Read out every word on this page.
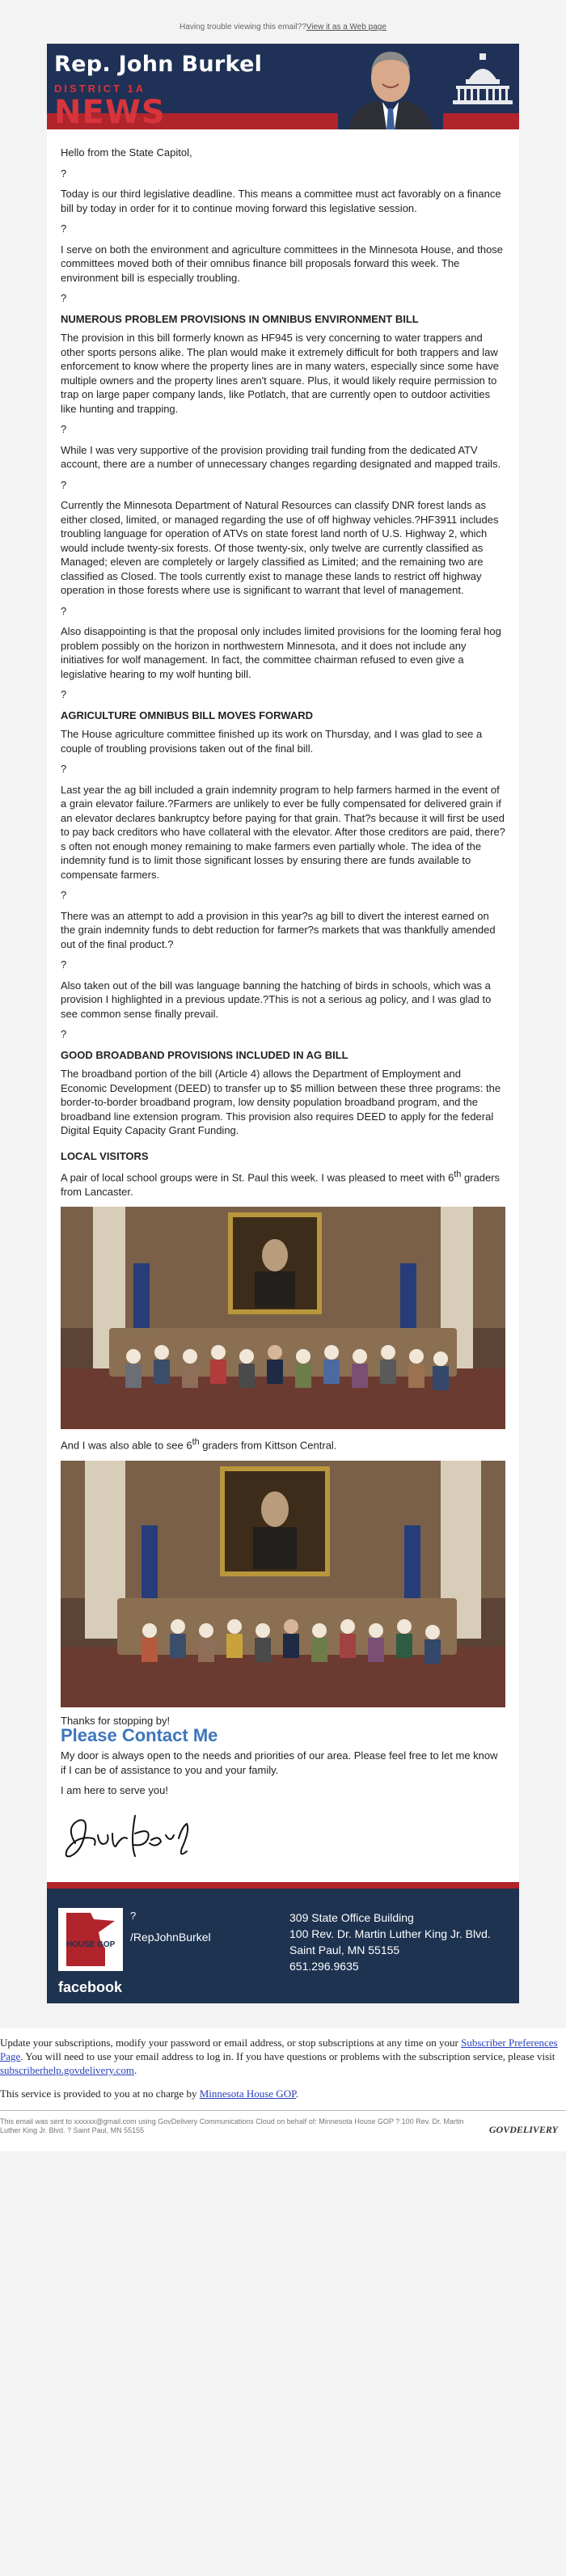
Having trouble viewing this email??View it as a Web page
Rep. John Burkel
DISTRICT 1A
NEWS

Hello from the State Capitol,

?

Today is our third legislative deadline. This means a committee must act favorably on a finance bill by today in order for it to continue moving forward this legislative session.

?

I serve on both the environment and agriculture committees in the Minnesota House, and those committees moved both of their omnibus finance bill proposals forward this week. The environment bill is especially troubling.

?

NUMEROUS PROBLEM PROVISIONS IN OMNIBUS ENVIRONMENT BILL

The provision in this bill formerly known as HF945 is very concerning to water trappers and other sports persons alike. The plan would make it extremely difficult for both trappers and law enforcement to know where the property lines are in many waters, especially since some have multiple owners and the property lines aren't square. Plus, it would likely require permission to trap on large paper company lands, like Potlatch, that are currently open to outdoor activities like hunting and trapping.

?

While I was very supportive of the provision providing trail funding from the dedicated ATV account, there are a number of unnecessary changes regarding designated and mapped trails.

?

Currently the Minnesota Department of Natural Resources can classify DNR forest lands as either closed, limited, or managed regarding the use of off highway vehicles.?HF3911 includes troubling language for operation of ATVs on state forest land north of U.S. Highway 2, which would include twenty-six forests. Of those twenty-six, only twelve are currently classified as Managed; eleven are completely or largely classified as Limited; and the remaining two are classified as Closed. The tools currently exist to manage these lands to restrict off highway operation in those forests where use is significant to warrant that level of management.

?

Also disappointing is that the proposal only includes limited provisions for the looming feral hog problem possibly on the horizon in northwestern Minnesota, and it does not include any initiatives for wolf management. In fact, the committee chairman refused to even give a legislative hearing to my wolf hunting bill.

?

AGRICULTURE OMNIBUS BILL MOVES FORWARD

The House agriculture committee finished up its work on Thursday, and I was glad to see a couple of troubling provisions taken out of the final bill.

?

Last year the ag bill included a grain indemnity program to help farmers harmed in the event of a grain elevator failure.?Farmers are unlikely to ever be fully compensated for delivered grain if an elevator declares bankruptcy before paying for that grain. That?s because it will first be used to pay back creditors who have collateral with the elevator. After those creditors are paid, there?s often not enough money remaining to make farmers even partially whole. The idea of the indemnity fund is to limit those significant losses by ensuring there are funds available to compensate farmers.

?

There was an attempt to add a provision in this year?s ag bill to divert the interest earned on the grain indemnity funds to debt reduction for farmer?s markets that was thankfully amended out of the final product.?

?

Also taken out of the bill was language banning the hatching of birds in schools, which was a provision I highlighted in a previous update.?This is not a serious ag policy, and I was glad to see common sense finally prevail.

?

GOOD BROADBAND PROVISIONS INCLUDED IN AG BILL

The broadband portion of the bill (Article 4) allows the Department of Employment and Economic Development (DEED) to transfer up to $5 million between these three programs: the border-to-border broadband program, low density population broadband program, and the broadband line extension program. This provision also requires DEED to apply for the federal Digital Equity Capacity Grant Funding.

LOCAL VISITORS

A pair of local school groups were in St. Paul this week. I was pleased to meet with 6th graders from Lancaster.

And I was also able to see 6th graders from Kittson Central.

Thanks for stopping by!

Please Contact Me

My door is always open to the needs and priorities of our area. Please feel free to let me know if I can be of assistance to you and your family.

I am here to serve you!

HOUSE GOP
?
/RepJohnBurkel
facebook
309 State Office Building
100 Rev. Dr. Martin Luther King Jr. Blvd.
Saint Paul, MN 55155
651.296.9635

Update your subscriptions, modify your password or email address, or stop subscriptions at any time on your Subscriber Preferences Page. You will need to use your email address to log in. If you have questions or problems with the subscription service, please visit subscriberhelp.govdelivery.com.

This service is provided to you at no charge by Minnesota House GOP.

This email was sent to xxxxxx@gmail.com using GovDelivery Communications Cloud on behalf of: Minnesota House GOP ? 100 Rev. Dr. Martin Luther King Jr. Blvd. ? Saint Paul, MN 55155	GOVDELIVERY
